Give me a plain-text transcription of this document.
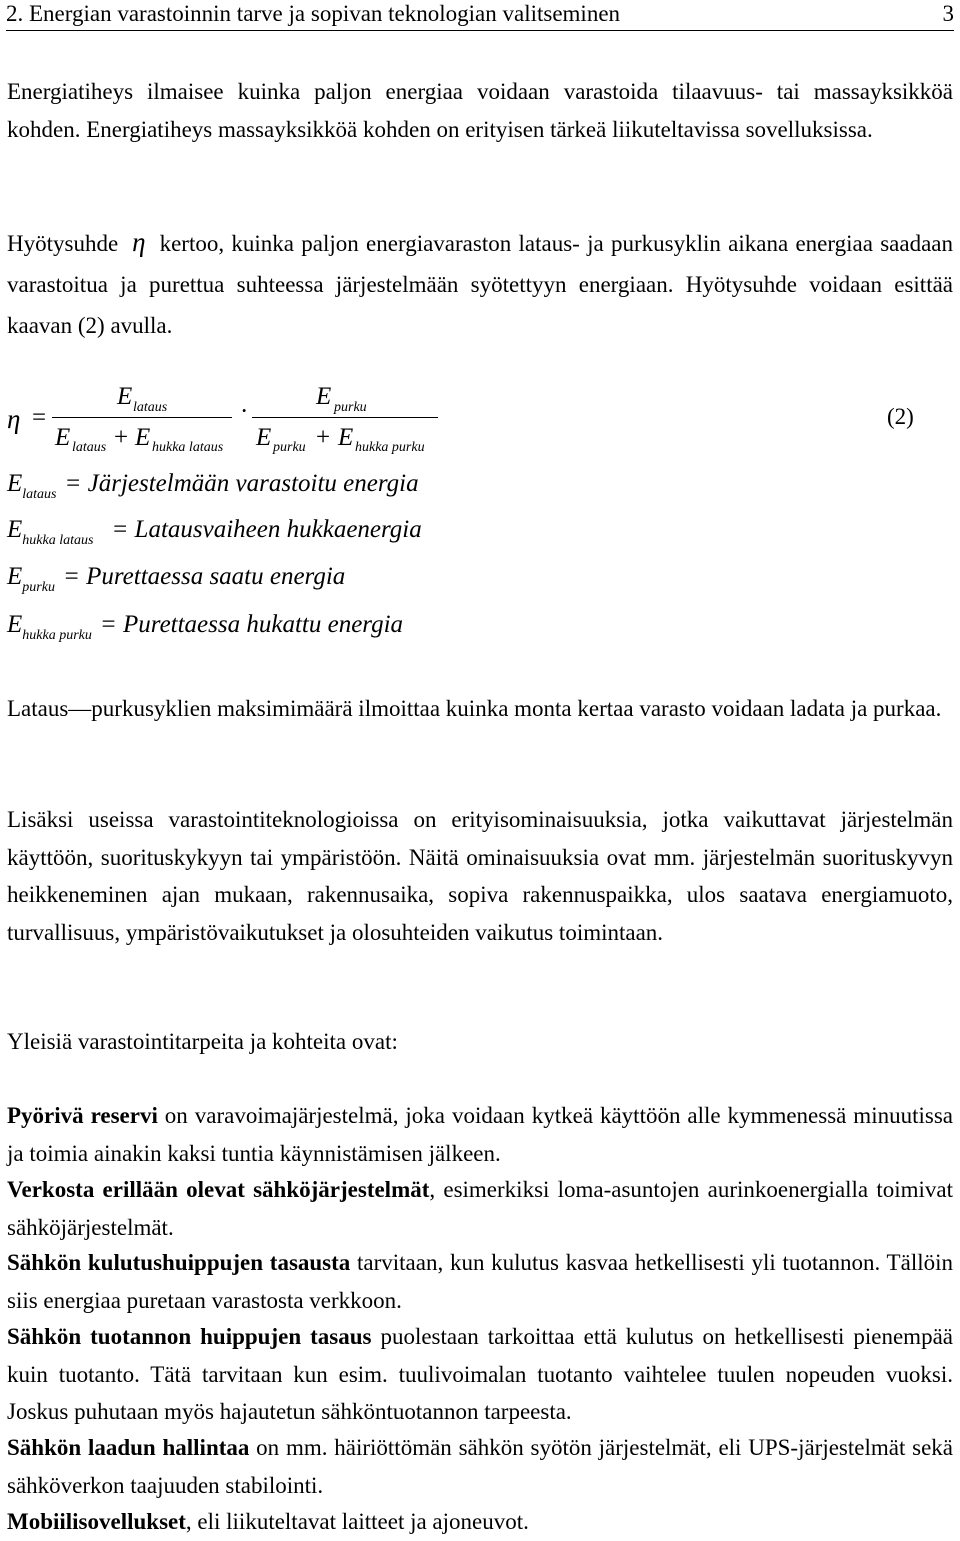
2. Energian varastoinnin tarve ja sopivan teknologian valitseminen	3

Energiatiheys ilmaisee kuinka paljon energiaa voidaan varastoida tilaavuus- tai massayksikköä kohden. Energiatiheys massayksikköä kohden on erityisen tärkeä liikuteltavissa sovelluksissa.

Hyötysuhde η kertoo, kuinka paljon energiavaraston lataus- ja purkusyklin aikana energiaa saadaan varastoitua ja purettua suhteessa järjestelmään syötettyyn energiaan. Hyötysuhde voidaan esittää kaavan (2) avulla.

η =
E lataus
E lataus + E hukka lataus
·
E purku
E purku + E hukka purku
(2)
$E_{lataus}$ = Järjestelmään varastoitu energia
$E_{hukka lataus}$ = Latausvaiheen hukkaenergia
$E_{purku}$ = Purettaessa saatu energia
$E_{hukka purku}$ = Purettaessa hukattu energia

Lataus—purkusyklien maksimimäärä ilmoittaa kuinka monta kertaa varasto voidaan ladata ja purkaa.

Lisäksi useissa varastointiteknologioissa on erityisominaisuuksia, jotka vaikuttavat järjestelmän käyttöön, suorituskykyyn tai ympäristöön. Näitä ominaisuuksia ovat mm. järjestelmän suorituskyvyn heikkeneminen ajan mukaan, rakennusaika, sopiva rakennuspaikka, ulos saatava energiamuoto, turvallisuus, ympäristövaikutukset ja olosuhteiden vaikutus toimintaan.

Yleisiä varastointitarpeita ja kohteita ovat:

Pyörivä reservi on varavoimajärjestelmä, joka voidaan kytkeä käyttöön alle kymmenessä minuutissa ja toimia ainakin kaksi tuntia käynnistämisen jälkeen.

Verkosta erillään olevat sähköjärjestelmät, esimerkiksi loma-asuntojen aurinkoenergialla toimivat sähköjärjestelmät.

Sähkön kulutushuippujen tasausta tarvitaan, kun kulutus kasvaa hetkellisesti yli tuotannon. Tällöin siis energiaa puretaan varastosta verkkoon.

Sähkön tuotannon huippujen tasaus puolestaan tarkoittaa että kulutus on hetkellisesti pienempää kuin tuotanto. Tätä tarvitaan kun esim. tuulivoimalan tuotanto vaihtelee tuulen nopeuden vuoksi. Joskus puhutaan myös hajautetun sähköntuotannon tarpeesta.

Sähkön laadun hallintaa on mm. häiriöttömän sähkön syötön järjestelmät, eli UPS-järjestelmät sekä sähköverkon taajuuden stabilointi.

Mobiilisovellukset, eli liikuteltavat laitteet ja ajoneuvot.
